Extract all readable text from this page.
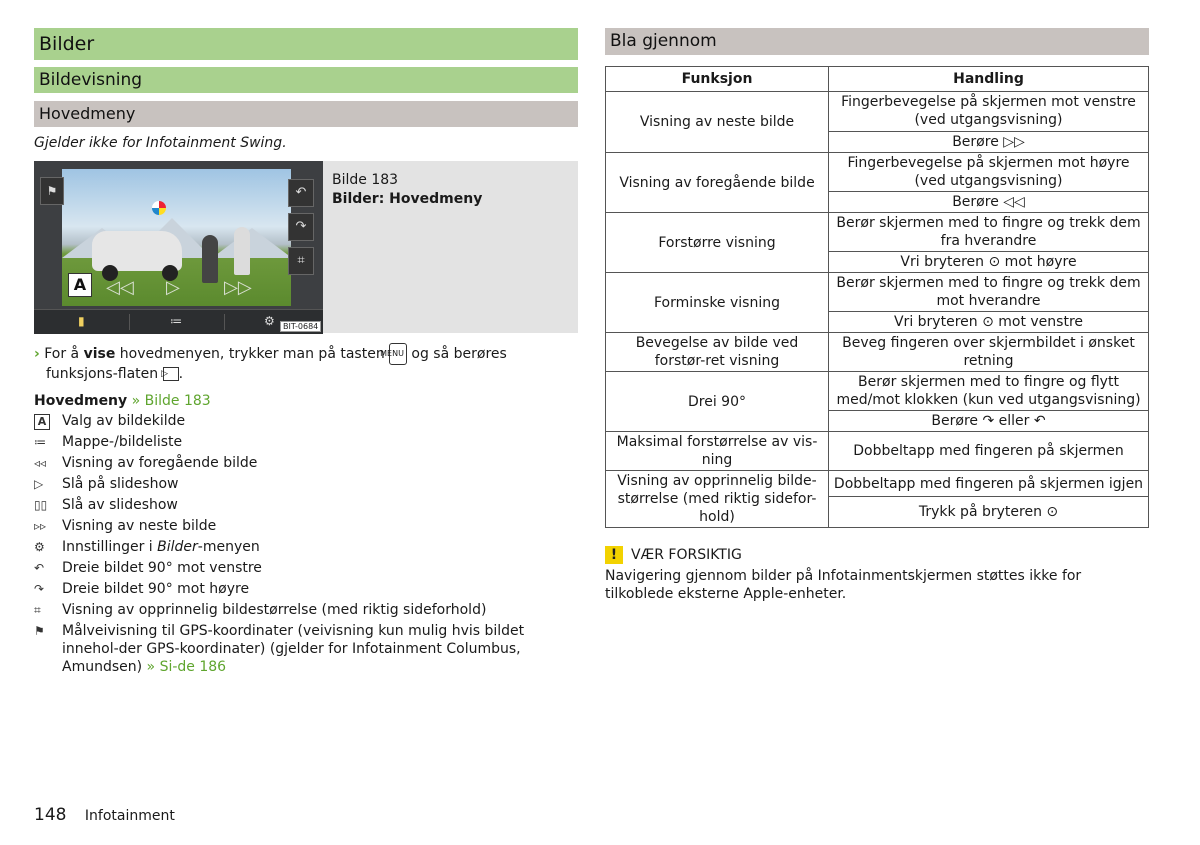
Bilder
Bildevisning
Hovedmeny
Gjelder ikke for Infotainment Swing.
⚑	↶
↷
⌗
A	◁◁ ▷ ▷▷
▮	≔	⚙	BIT-0684
Bilde 183
Bilder: Hovedmeny
› For å vise hovedmenyen, trykker man på tasten MENU og så berøres funksjons-flaten ▷ .
Hovedmeny » Bilde 183
A	Valg av bildekilde
≔	Mappe-/bildeliste
◃◃	Visning av foregående bilde
▷	Slå på slideshow
▯▯	Slå av slideshow
▹▹	Visning av neste bilde
⚙	Innstillinger i Bilder-menyen
↶	Dreie bildet 90° mot venstre
↷	Dreie bildet 90° mot høyre
⌗	Visning av opprinnelig bildestørrelse (med riktig sideforhold)
⚑	Målveivisning til GPS-koordinater (veivisning kun mulig hvis bildet innehol-der GPS-koordinater) (gjelder for Infotainment Columbus, Amundsen) » Si-de 186
Bla gjennom
Funksjon	Handling
Visning av neste bilde	Fingerbevegelse på skjermen mot venstre (ved utgangsvisning)
	Berøre ▷▷
Visning av foregående bilde	Fingerbevegelse på skjermen mot høyre (ved utgangsvisning)
	Berøre ◁◁
Forstørre visning	Berør skjermen med to fingre og trekk dem fra hverandre
	Vri bryteren ⊙ mot høyre
Forminske visning	Berør skjermen med to fingre og trekk dem mot hverandre
	Vri bryteren ⊙ mot venstre
Bevegelse av bilde ved forstør-ret visning	Beveg fingeren over skjermbildet i ønsket retning
Drei 90°	Berør skjermen med to fingre og flytt med/mot klokken (kun ved utgangsvisning)
	Berøre ↷ eller ↶
Maksimal forstørrelse av vis-ning	Dobbeltapp med fingeren på skjermen
Visning av opprinnelig bilde-størrelse (med riktig sidefor-hold)	Dobbeltapp med fingeren på skjermen igjen
	Trykk på bryteren ⊙
! VÆR FORSIKTIG
Navigering gjennom bilder på Infotainmentskjermen støttes ikke for tilkoblede eksterne Apple-enheter.
148 Infotainment
